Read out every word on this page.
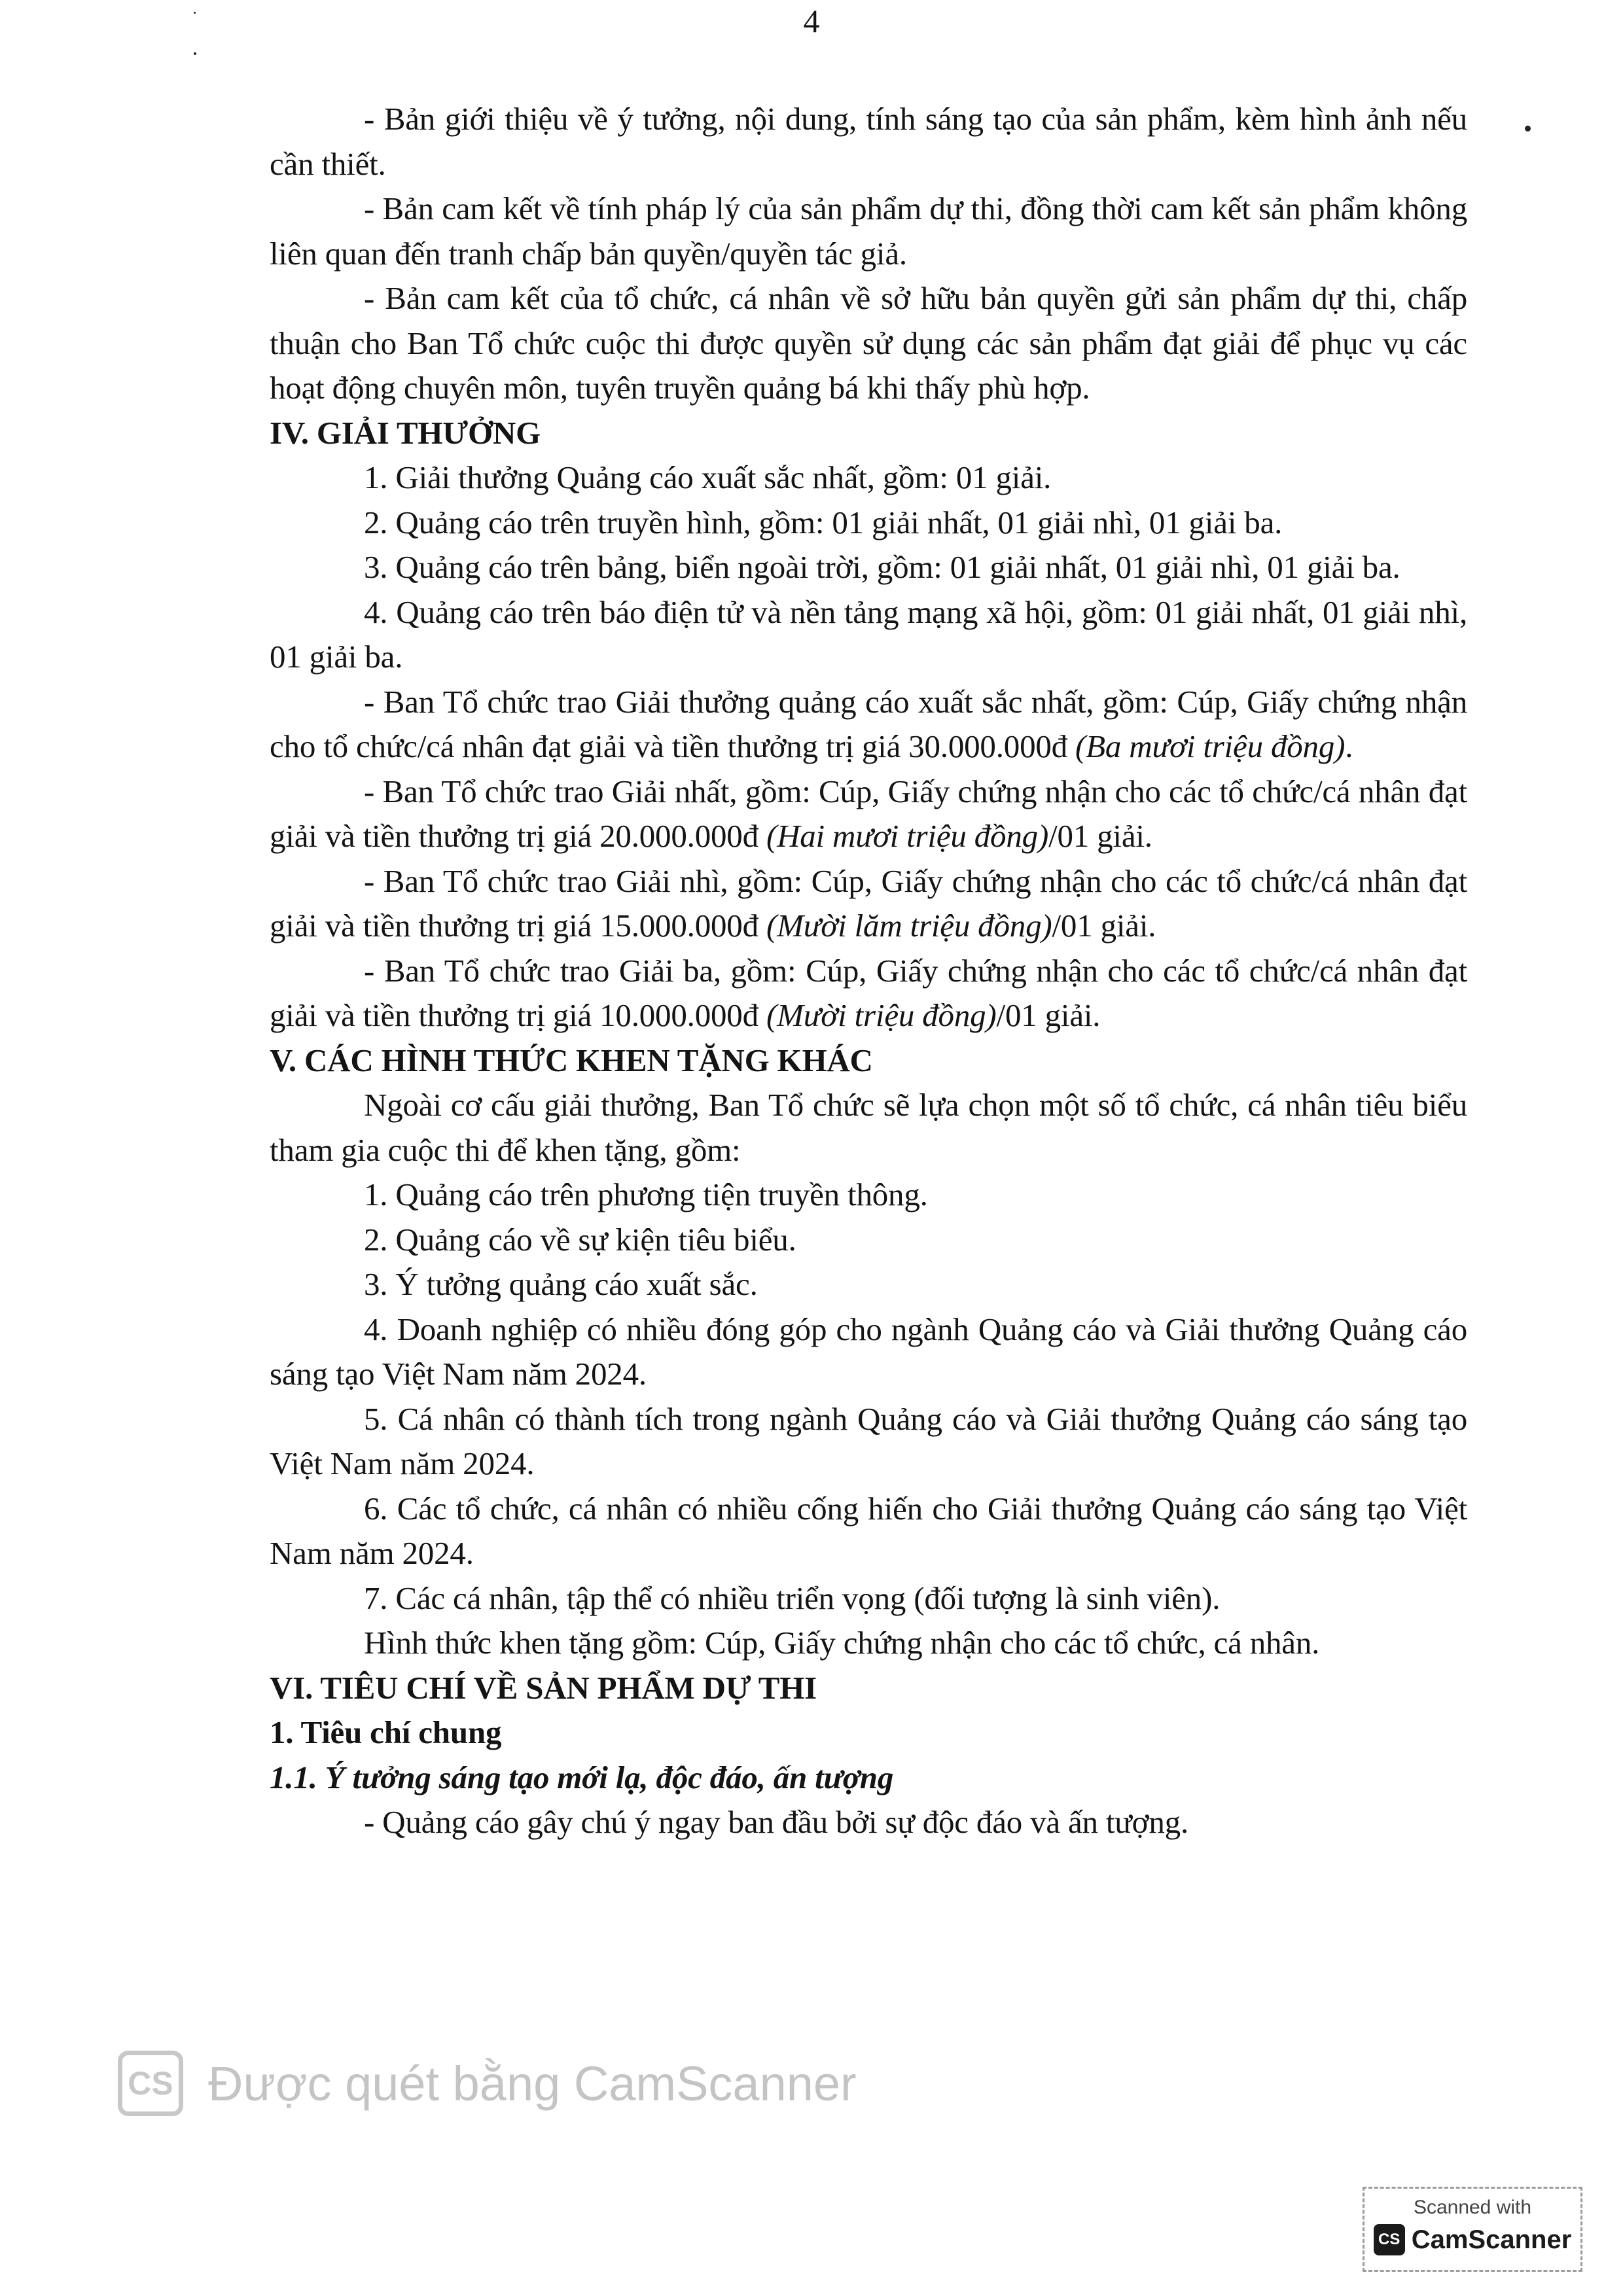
4

- Bản giới thiệu về ý tưởng, nội dung, tính sáng tạo của sản phẩm, kèm hình ảnh nếu cần thiết.

- Bản cam kết về tính pháp lý của sản phẩm dự thi, đồng thời cam kết sản phẩm không liên quan đến tranh chấp bản quyền/quyền tác giả.

- Bản cam kết của tổ chức, cá nhân về sở hữu bản quyền gửi sản phẩm dự thi, chấp thuận cho Ban Tổ chức cuộc thi được quyền sử dụng các sản phẩm đạt giải để phục vụ các hoạt động chuyên môn, tuyên truyền quảng bá khi thấy phù hợp.

IV. GIẢI THƯỞNG

1. Giải thưởng Quảng cáo xuất sắc nhất, gồm: 01 giải.

2. Quảng cáo trên truyền hình, gồm: 01 giải nhất, 01 giải nhì, 01 giải ba.

3. Quảng cáo trên bảng, biển ngoài trời, gồm: 01 giải nhất, 01 giải nhì, 01 giải ba.

4. Quảng cáo trên báo điện tử và nền tảng mạng xã hội, gồm: 01 giải nhất, 01 giải nhì, 01 giải ba.

- Ban Tổ chức trao Giải thưởng quảng cáo xuất sắc nhất, gồm: Cúp, Giấy chứng nhận cho tổ chức/cá nhân đạt giải và tiền thưởng trị giá 30.000.000đ (Ba mươi triệu đồng).

- Ban Tổ chức trao Giải nhất, gồm: Cúp, Giấy chứng nhận cho các tổ chức/cá nhân đạt giải và tiền thưởng trị giá 20.000.000đ (Hai mươi triệu đồng)/01 giải.

- Ban Tổ chức trao Giải nhì, gồm: Cúp, Giấy chứng nhận cho các tổ chức/cá nhân đạt giải và tiền thưởng trị giá 15.000.000đ (Mười lăm triệu đồng)/01 giải.

- Ban Tổ chức trao Giải ba, gồm: Cúp, Giấy chứng nhận cho các tổ chức/cá nhân đạt giải và tiền thưởng trị giá 10.000.000đ (Mười triệu đồng)/01 giải.

V. CÁC HÌNH THỨC KHEN TẶNG KHÁC

Ngoài cơ cấu giải thưởng, Ban Tổ chức sẽ lựa chọn một số tổ chức, cá nhân tiêu biểu tham gia cuộc thi để khen tặng, gồm:

1. Quảng cáo trên phương tiện truyền thông.

2. Quảng cáo về sự kiện tiêu biểu.

3. Ý tưởng quảng cáo xuất sắc.

4. Doanh nghiệp có nhiều đóng góp cho ngành Quảng cáo và Giải thưởng Quảng cáo sáng tạo Việt Nam năm 2024.

5. Cá nhân có thành tích trong ngành Quảng cáo và Giải thưởng Quảng cáo sáng tạo Việt Nam năm 2024.

6. Các tổ chức, cá nhân có nhiều cống hiến cho Giải thưởng Quảng cáo sáng tạo Việt Nam năm 2024.

7. Các cá nhân, tập thể có nhiều triển vọng (đối tượng là sinh viên).

Hình thức khen tặng gồm: Cúp, Giấy chứng nhận cho các tổ chức, cá nhân.

VI. TIÊU CHÍ VỀ SẢN PHẨM DỰ THI

1. Tiêu chí chung

1.1. Ý tưởng sáng tạo mới lạ, độc đáo, ấn tượng

- Quảng cáo gây chú ý ngay ban đầu bởi sự độc đáo và ấn tượng.

CS Được quét bằng CamScanner
Scanned with
CS CamScanner
